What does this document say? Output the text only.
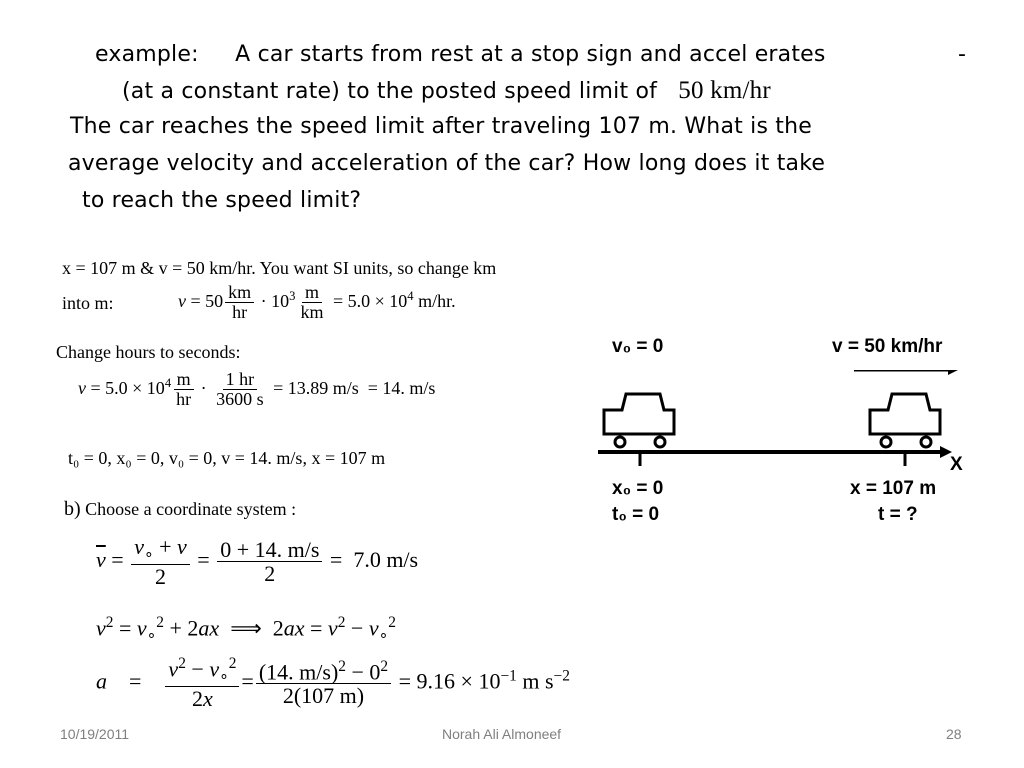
example: A car starts from rest at a stop sign and accel erates	-
(at a constant rate) to the posted speed limit of 50 km/hr
The car reaches the speed limit after traveling 107 m. What is the
average velocity and acceleration of the car? How long does it take
to reach the speed limit?
x = 107 m & v = 50 km/hr. You want SI units, so change km
into m:	$v = 50 \frac{km}{hr} \cdot 10^3 \frac{m}{km} = 5.0 \times 10^4$ m/hr.
Change hours to seconds:
$v = 5.0 \times 10^4 \frac{m}{hr} \cdot \frac{1 hr}{3600 s} = 13.89$ m/s  = 14. m/s
t₀ = 0, x₀ = 0, v₀ = 0, v = 14. m/s, x = 107 m
b) Choose a coordinate system :
$\overline{v} = \frac{v_\circ + v}{2} = \frac{0 + 14. m/s}{2} = 7.0$ m/s
$v^2 = v_\circ^2 + 2ax$  ⟹  $2ax = v^2 - v_\circ^2$
a    = $\frac{v^2 - v_\circ^2}{2x} = \frac{(14. m/s)^2 - 0^2}{2(107 m)} = 9.16 \times 10^{-1}$ m $s^{-2}$
v₀ = 0	v = 50 km/hr
X
x₀ = 0
t₀ = 0
x = 107 m
t = ?
10/19/2011	Norah Ali Almoneef	28
